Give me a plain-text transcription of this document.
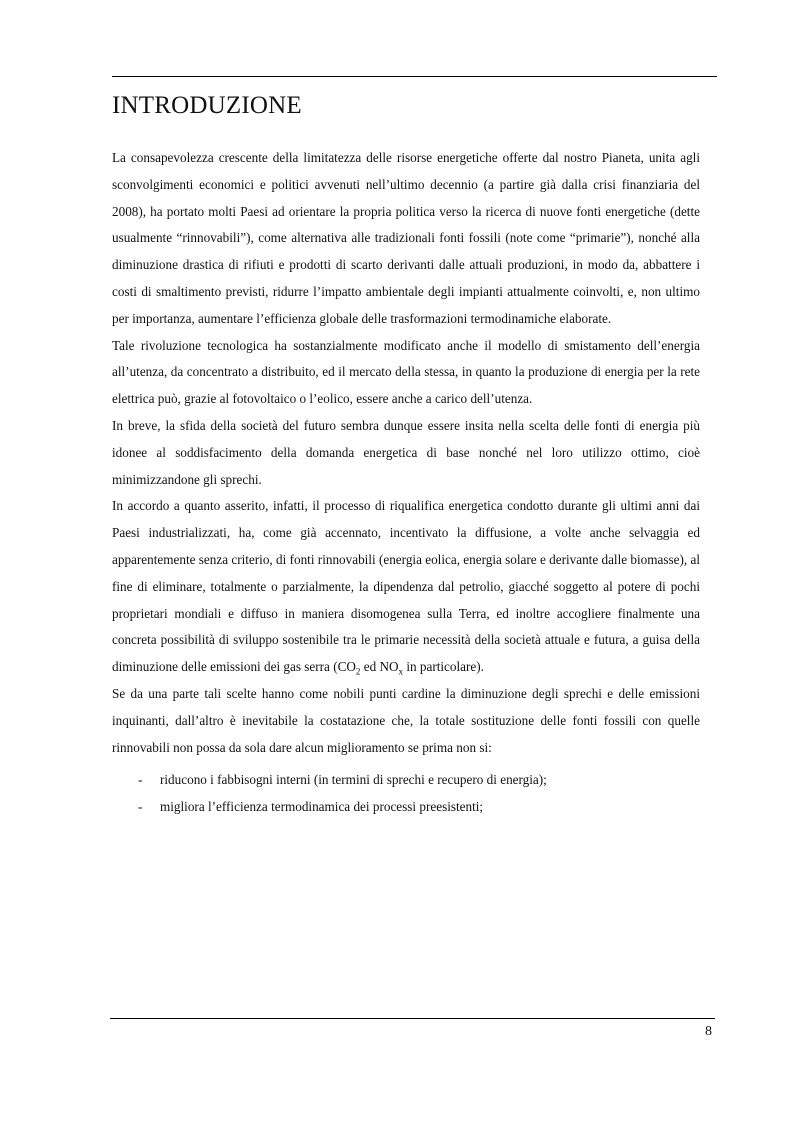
INTRODUZIONE

La consapevolezza crescente della limitatezza delle risorse energetiche offerte dal nostro Pianeta, unita agli sconvolgimenti economici e politici avvenuti nell’ultimo decennio (a partire già dalla crisi finanziaria del 2008), ha portato molti Paesi ad orientare la propria politica verso la ricerca di nuove fonti energetiche (dette usualmente “rinnovabili”), come alternativa alle tradizionali fonti fossili (note come “primarie”), nonché alla diminuzione drastica di rifiuti e prodotti di scarto derivanti dalle attuali produzioni, in modo da, abbattere i costi di smaltimento previsti, ridurre l’impatto ambientale degli impianti attualmente coinvolti, e, non ultimo per importanza, aumentare l’efficienza globale delle trasformazioni termodinamiche elaborate.

Tale rivoluzione tecnologica ha sostanzialmente modificato anche il modello di smistamento dell’energia all’utenza, da concentrato a distribuito, ed il mercato della stessa, in quanto la produzione di energia per la rete elettrica può, grazie al fotovoltaico o l’eolico, essere anche a carico dell’utenza.

In breve, la sfida della società del futuro sembra dunque essere insita nella scelta delle fonti di energia più idonee al soddisfacimento della domanda energetica di base nonché nel loro utilizzo ottimo, cioè minimizzandone gli sprechi.

In accordo a quanto asserito, infatti, il processo di riqualifica energetica condotto durante gli ultimi anni dai Paesi industrializzati, ha, come già accennato, incentivato la diffusione, a volte anche selvaggia ed apparentemente senza criterio, di fonti rinnovabili (energia eolica, energia solare e derivante dalle biomasse), al fine di eliminare, totalmente o parzialmente, la dipendenza dal petrolio, giacché soggetto al potere di pochi proprietari mondiali e diffuso in maniera disomogenea sulla Terra, ed inoltre accogliere finalmente una concreta possibilità di sviluppo sostenibile tra le primarie necessità della società attuale e futura, a guisa della diminuzione delle emissioni dei gas serra ($CO_2$ ed $NO_x$ in particolare).

Se da una parte tali scelte hanno come nobili punti cardine la diminuzione degli sprechi e delle emissioni inquinanti, dall’altro è inevitabile la costatazione che, la totale sostituzione delle fonti fossili con quelle rinnovabili non possa da sola dare alcun miglioramento se prima non si:

- riducono i fabbisogni interni (in termini di sprechi e recupero di energia);
- migliora l’efficienza termodinamica dei processi preesistenti;
8
